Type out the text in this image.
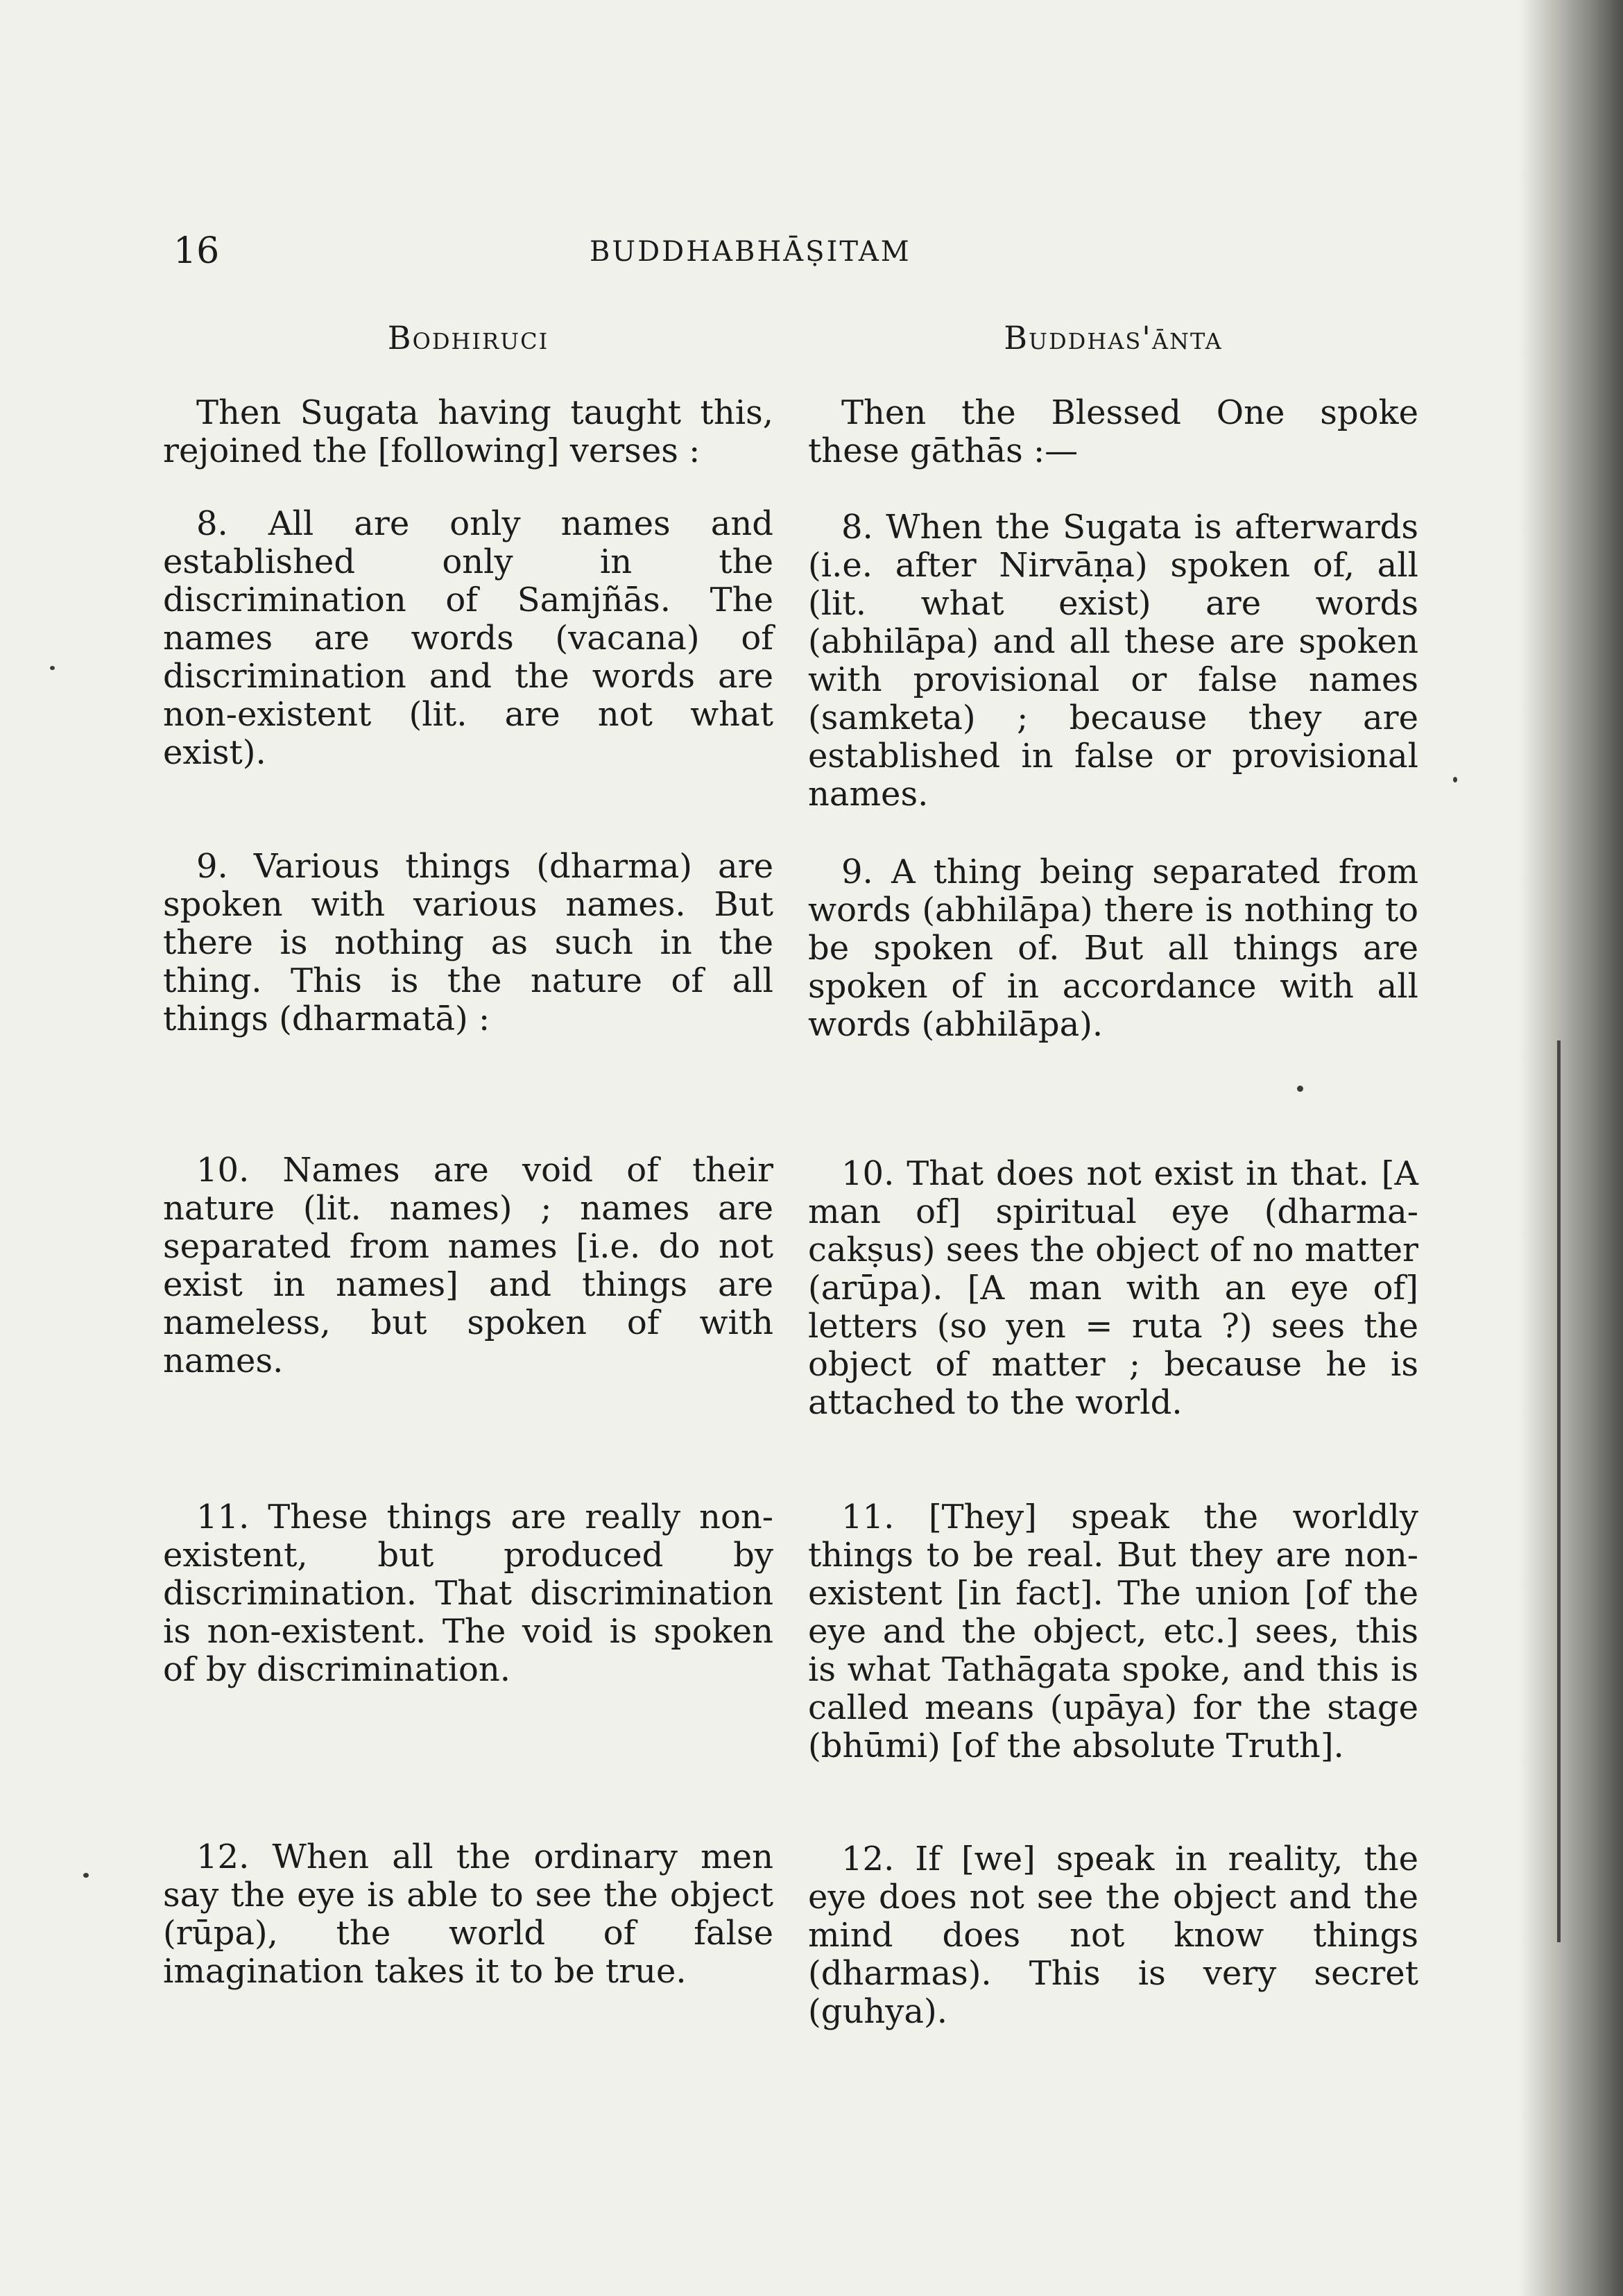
16	BUDDHABHĀṢITAM
Bodhiruci

Then Sugata having taught this, rejoined the [following] verses :

8. All are only names and established only in the discrimination of Samjñās. The names are words (vacana) of discrimination and the words are non-existent (lit. are not what exist).

9. Various things (dharma) are spoken with various names. But there is nothing as such in the thing. This is the nature of all things (dharmatā) :

10. Names are void of their nature (lit. names) ; names are separated from names [i.e. do not exist in names] and things are nameless, but spoken of with names.

11. These things are really non-existent, but produced by discrimination. That discrimination is non-existent. The void is spoken of by discrimination.

12. When all the ordinary men say the eye is able to see the object (rūpa), the world of false imagination takes it to be true.

Buddhas'ānta

Then the Blessed One spoke these gāthās :—

8. When the Sugata is afterwards (i.e. after Nirvāṇa) spoken of, all (lit. what exist) are words (abhilāpa) and all these are spoken with provisional or false names (samketa) ; because they are established in false or provisional names.

9. A thing being separated from words (abhilāpa) there is nothing to be spoken of. But all things are spoken of in accordance with all words (abhilāpa).

10. That does not exist in that. [A man of] spiritual eye (dharma-cakṣus) sees the object of no matter (arūpa). [A man with an eye of] letters (so yen = ruta ?) sees the object of matter ; because he is attached to the world.

11. [They] speak the worldly things to be real. But they are non-existent [in fact]. The union [of the eye and the object, etc.] sees, this is what Tathāgata spoke, and this is called means (upāya) for the stage (bhūmi) [of the absolute Truth].

12. If [we] speak in reality, the eye does not see the object and the mind does not know things (dharmas). This is very secret (guhya).
